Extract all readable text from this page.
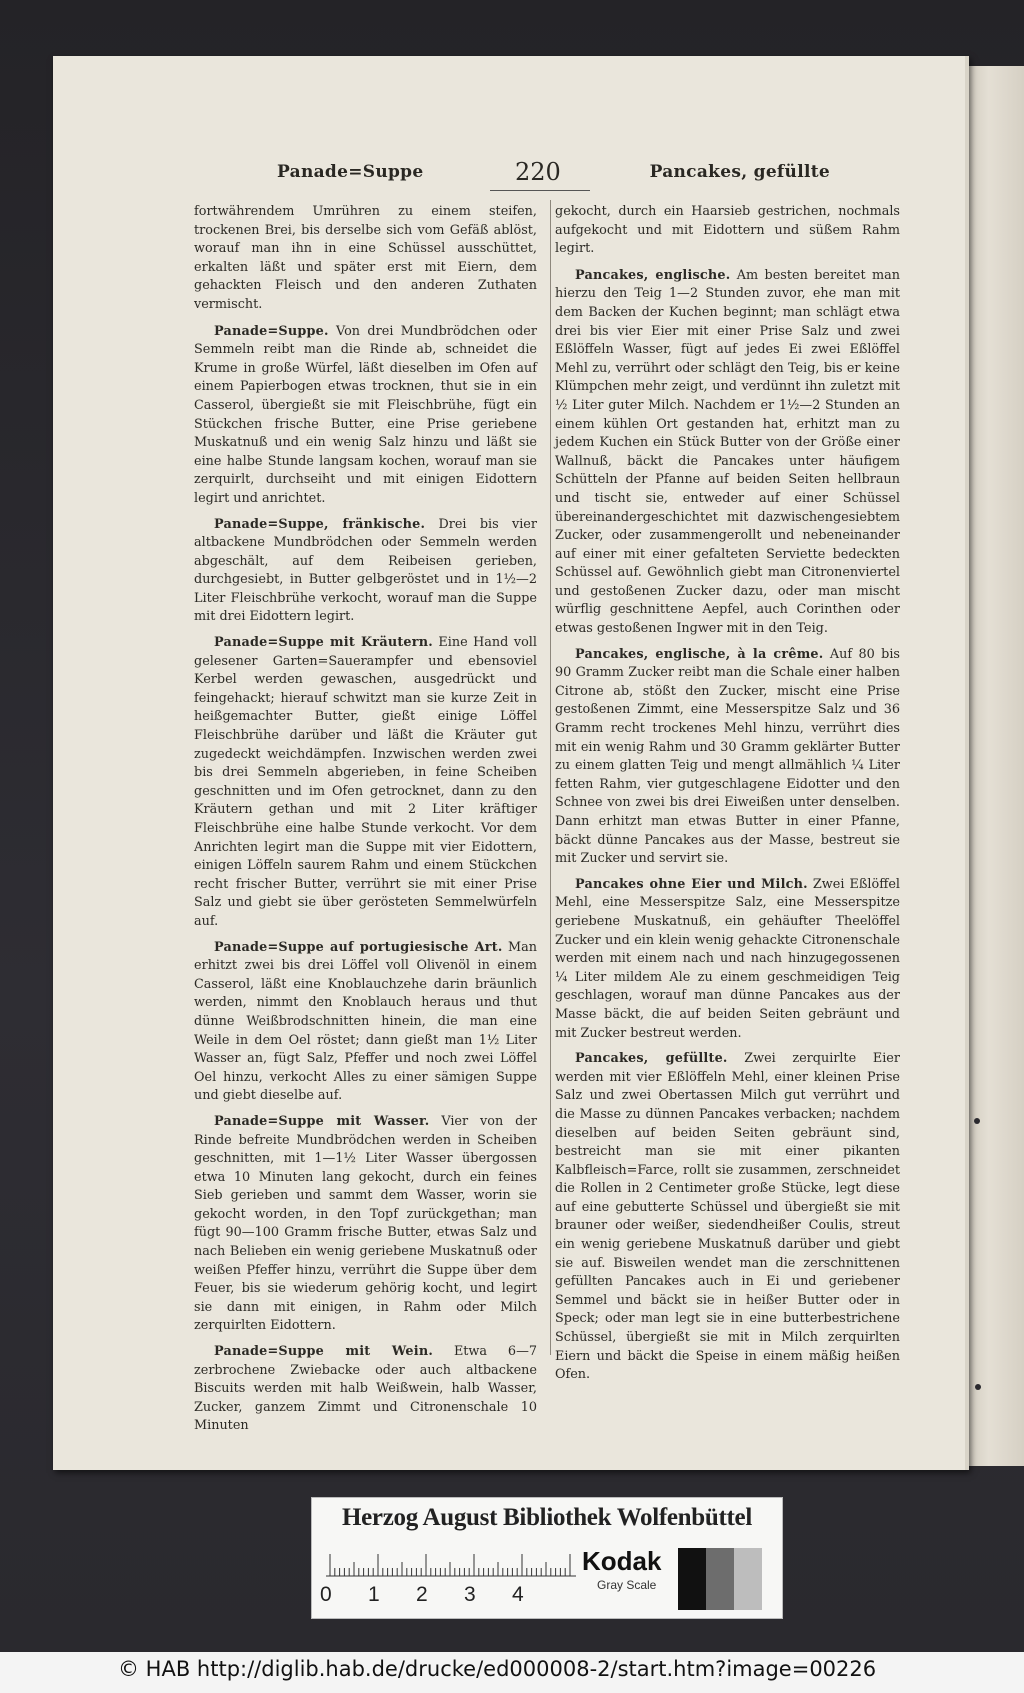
Panade=Suppe	220	Pancakes, gefüllte

fortwährendem Umrühren zu einem steifen, trockenen Brei, bis derselbe sich vom Gefäß ablöst, worauf man ihn in eine Schüssel ausschüttet, erkalten läßt und später erst mit Eiern, dem gehackten Fleisch und den anderen Zuthaten vermischt.

Panade=Suppe. Von drei Mundbrödchen oder Semmeln reibt man die Rinde ab, schneidet die Krume in große Würfel, läßt dieselben im Ofen auf einem Papierbogen etwas trocknen, thut sie in ein Casserol, übergießt sie mit Fleischbrühe, fügt ein Stückchen frische Butter, eine Prise geriebene Muskatnuß und ein wenig Salz hinzu und läßt sie eine halbe Stunde langsam kochen, worauf man sie zerquirlt, durchseiht und mit einigen Eidottern legirt und anrichtet.

Panade=Suppe, fränkische. Drei bis vier altbackene Mundbrödchen oder Semmeln werden abgeschält, auf dem Reibeisen gerieben, durchgesiebt, in Butter gelbgeröstet und in 1½—2 Liter Fleischbrühe verkocht, worauf man die Suppe mit drei Eidottern legirt.

Panade=Suppe mit Kräutern. Eine Hand voll gelesener Garten=Sauerampfer und ebensoviel Kerbel werden gewaschen, ausgedrückt und feingehackt; hierauf schwitzt man sie kurze Zeit in heißgemachter Butter, gießt einige Löffel Fleischbrühe darüber und läßt die Kräuter gut zugedeckt weichdämpfen. Inzwischen werden zwei bis drei Semmeln abgerieben, in feine Scheiben geschnitten und im Ofen getrocknet, dann zu den Kräutern gethan und mit 2 Liter kräftiger Fleischbrühe eine halbe Stunde verkocht. Vor dem Anrichten legirt man die Suppe mit vier Eidottern, einigen Löffeln saurem Rahm und einem Stückchen recht frischer Butter, verrührt sie mit einer Prise Salz und giebt sie über gerösteten Semmelwürfeln auf.

Panade=Suppe auf portugiesische Art. Man erhitzt zwei bis drei Löffel voll Olivenöl in einem Casserol, läßt eine Knoblauchzehe darin bräunlich werden, nimmt den Knoblauch heraus und thut dünne Weißbrodschnitten hinein, die man eine Weile in dem Oel röstet; dann gießt man 1½ Liter Wasser an, fügt Salz, Pfeffer und noch zwei Löffel Oel hinzu, verkocht Alles zu einer sämigen Suppe und giebt dieselbe auf.

Panade=Suppe mit Wasser. Vier von der Rinde befreite Mundbrödchen werden in Scheiben geschnitten, mit 1—1½ Liter Wasser übergossen etwa 10 Minuten lang gekocht, durch ein feines Sieb gerieben und sammt dem Wasser, worin sie gekocht worden, in den Topf zurückgethan; man fügt 90—100 Gramm frische Butter, etwas Salz und nach Belieben ein wenig geriebene Muskatnuß oder weißen Pfeffer hinzu, verrührt die Suppe über dem Feuer, bis sie wiederum gehörig kocht, und legirt sie dann mit einigen, in Rahm oder Milch zerquirlten Eidottern.

Panade=Suppe mit Wein. Etwa 6—7 zerbrochene Zwiebacke oder auch altbackene Biscuits werden mit halb Weißwein, halb Wasser, Zucker, ganzem Zimmt und Citronenschale 10 Minuten

gekocht, durch ein Haarsieb gestrichen, nochmals aufgekocht und mit Eidottern und süßem Rahm legirt.

Pancakes, englische. Am besten bereitet man hierzu den Teig 1—2 Stunden zuvor, ehe man mit dem Backen der Kuchen beginnt; man schlägt etwa drei bis vier Eier mit einer Prise Salz und zwei Eßlöffeln Wasser, fügt auf jedes Ei zwei Eßlöffel Mehl zu, verrührt oder schlägt den Teig, bis er keine Klümpchen mehr zeigt, und verdünnt ihn zuletzt mit ½ Liter guter Milch. Nachdem er 1½—2 Stunden an einem kühlen Ort gestanden hat, erhitzt man zu jedem Kuchen ein Stück Butter von der Größe einer Wallnuß, bäckt die Pancakes unter häufigem Schütteln der Pfanne auf beiden Seiten hellbraun und tischt sie, entweder auf einer Schüssel übereinandergeschichtet mit dazwischengesiebtem Zucker, oder zusammengerollt und nebeneinander auf einer mit einer gefalteten Serviette bedeckten Schüssel auf. Gewöhnlich giebt man Citronenviertel und gestoßenen Zucker dazu, oder man mischt würflig geschnittene Aepfel, auch Corinthen oder etwas gestoßenen Ingwer mit in den Teig.

Pancakes, englische, à la crême. Auf 80 bis 90 Gramm Zucker reibt man die Schale einer halben Citrone ab, stößt den Zucker, mischt eine Prise gestoßenen Zimmt, eine Messerspitze Salz und 36 Gramm recht trockenes Mehl hinzu, verrührt dies mit ein wenig Rahm und 30 Gramm geklärter Butter zu einem glatten Teig und mengt allmählich ¼ Liter fetten Rahm, vier gutgeschlagene Eidotter und den Schnee von zwei bis drei Eiweißen unter denselben. Dann erhitzt man etwas Butter in einer Pfanne, bäckt dünne Pancakes aus der Masse, bestreut sie mit Zucker und servirt sie.

Pancakes ohne Eier und Milch. Zwei Eßlöffel Mehl, eine Messerspitze Salz, eine Messerspitze geriebene Muskatnuß, ein gehäufter Theelöffel Zucker und ein klein wenig gehackte Citronenschale werden mit einem nach und nach hinzugegossenen ¼ Liter mildem Ale zu einem geschmeidigen Teig geschlagen, worauf man dünne Pancakes aus der Masse bäckt, die auf beiden Seiten gebräunt und mit Zucker bestreut werden.

Pancakes, gefüllte. Zwei zerquirlte Eier werden mit vier Eßlöffeln Mehl, einer kleinen Prise Salz und zwei Obertassen Milch gut verrührt und die Masse zu dünnen Pancakes verbacken; nachdem dieselben auf beiden Seiten gebräunt sind, bestreicht man sie mit einer pikanten Kalbfleisch=Farce, rollt sie zusammen, zerschneidet die Rollen in 2 Centimeter große Stücke, legt diese auf eine gebutterte Schüssel und übergießt sie mit brauner oder weißer, siedendheißer Coulis, streut ein wenig geriebene Muskatnuß darüber und giebt sie auf. Bisweilen wendet man die zerschnittenen gefüllten Pancakes auch in Ei und geriebener Semmel und bäckt sie in heißer Butter oder in Speck; oder man legt sie in eine butterbestrichene Schüssel, übergießt sie mit in Milch zerquirlten Eiern und bäckt die Speise in einem mäßig heißen Ofen.

Herzog August Bibliothek Wolfenbüttel
0 1 2 3 4
Kodak
Gray Scale
© HAB http://diglib.hab.de/drucke/ed000008-2/start.htm?image=00226
